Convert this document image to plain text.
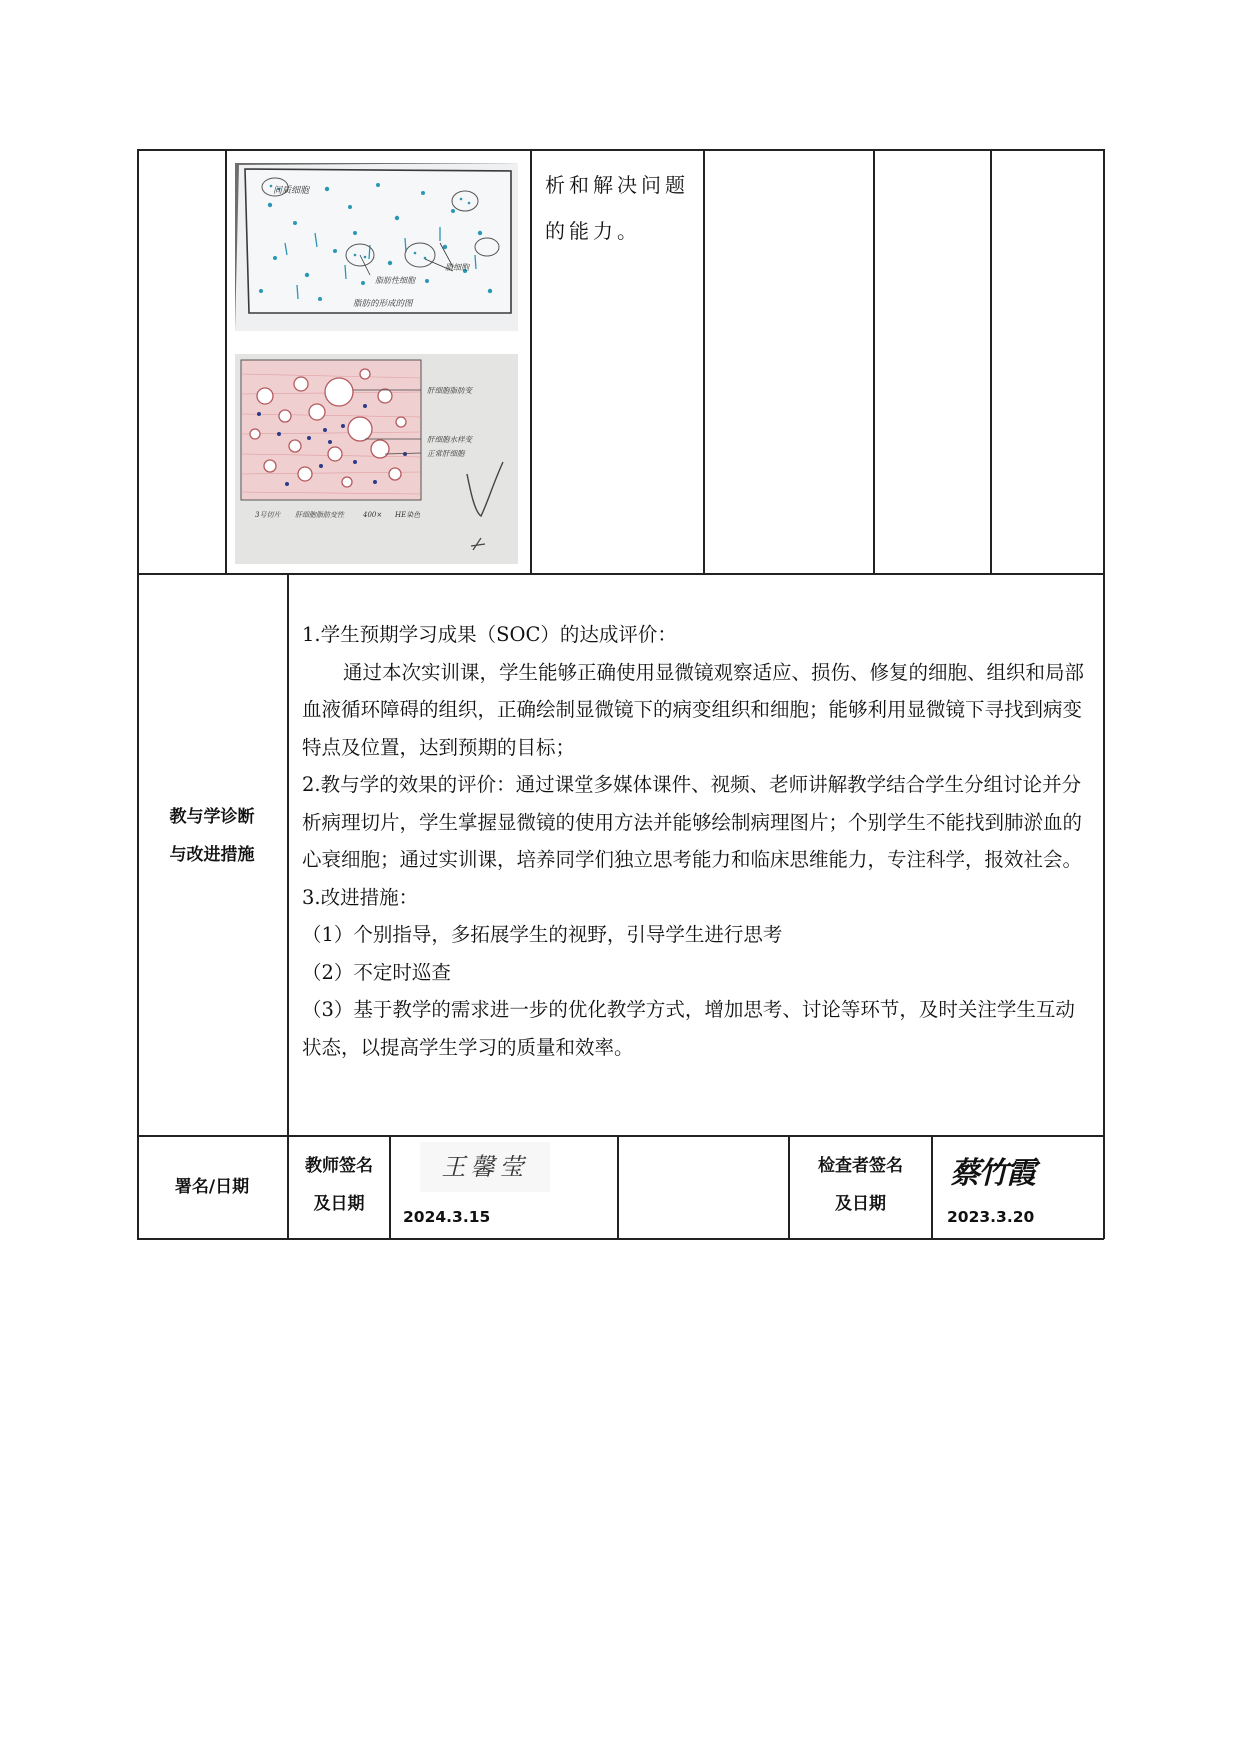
间质细胞
脂肪性细胞
脂细胞
脂肪的形成的图
肝细胞脂肪变
肝细胞水样变
正常肝细胞
3号切片 肝细胞脂肪变性	400× HE染色
析和解决问题
的能力。
教与学诊断
与改进措施

1.学生预期学习成果（SOC）的达成评价：

通过本次实训课，学生能够正确使用显微镜观察适应、损伤、修复的细胞、组织和局部血液循环障碍的组织，正确绘制显微镜下的病变组织和细胞；能够利用显微镜下寻找到病变特点及位置，达到预期的目标；

2.教与学的效果的评价：通过课堂多媒体课件、视频、老师讲解教学结合学生分组讨论并分析病理切片，学生掌握显微镜的使用方法并能够绘制病理图片；个别学生不能找到肺淤血的心衰细胞；通过实训课，培养同学们独立思考能力和临床思维能力，专注科学，报效社会。

3.改进措施：

（1）个别指导，多拓展学生的视野，引导学生进行思考

（2）不定时巡查

（3）基于教学的需求进一步的优化教学方式，增加思考、讨论等环节，及时关注学生互动状态，以提高学生学习的质量和效率。

署名/日期
教师签名
及日期
王馨莹
2024.3.15
检查者签名
及日期
蔡竹霞
2023.3.20
